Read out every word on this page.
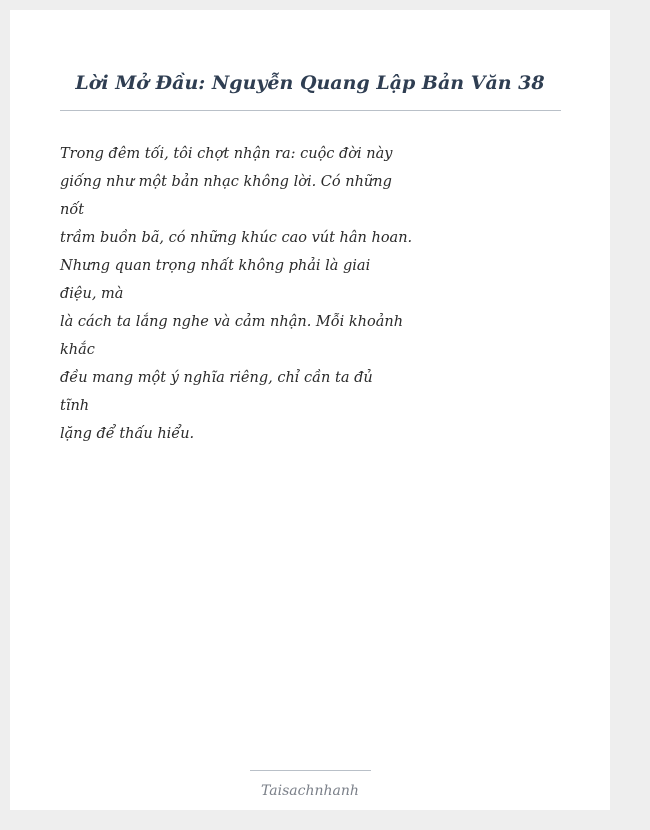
Lời Mở Đầu: Nguyễn Quang Lập Bản Văn 38
Trong đêm tối, tôi chợt nhận ra: cuộc đời này
giống như một bản nhạc không lời. Có những
nốt
trầm buồn bã, có những khúc cao vút hân hoan.
Nhưng quan trọng nhất không phải là giai
điệu, mà
là cách ta lắng nghe và cảm nhận. Mỗi khoảnh
khắc
đều mang một ý nghĩa riêng, chỉ cần ta đủ
tĩnh
lặng để thấu hiểu.
Taisachnhanh
